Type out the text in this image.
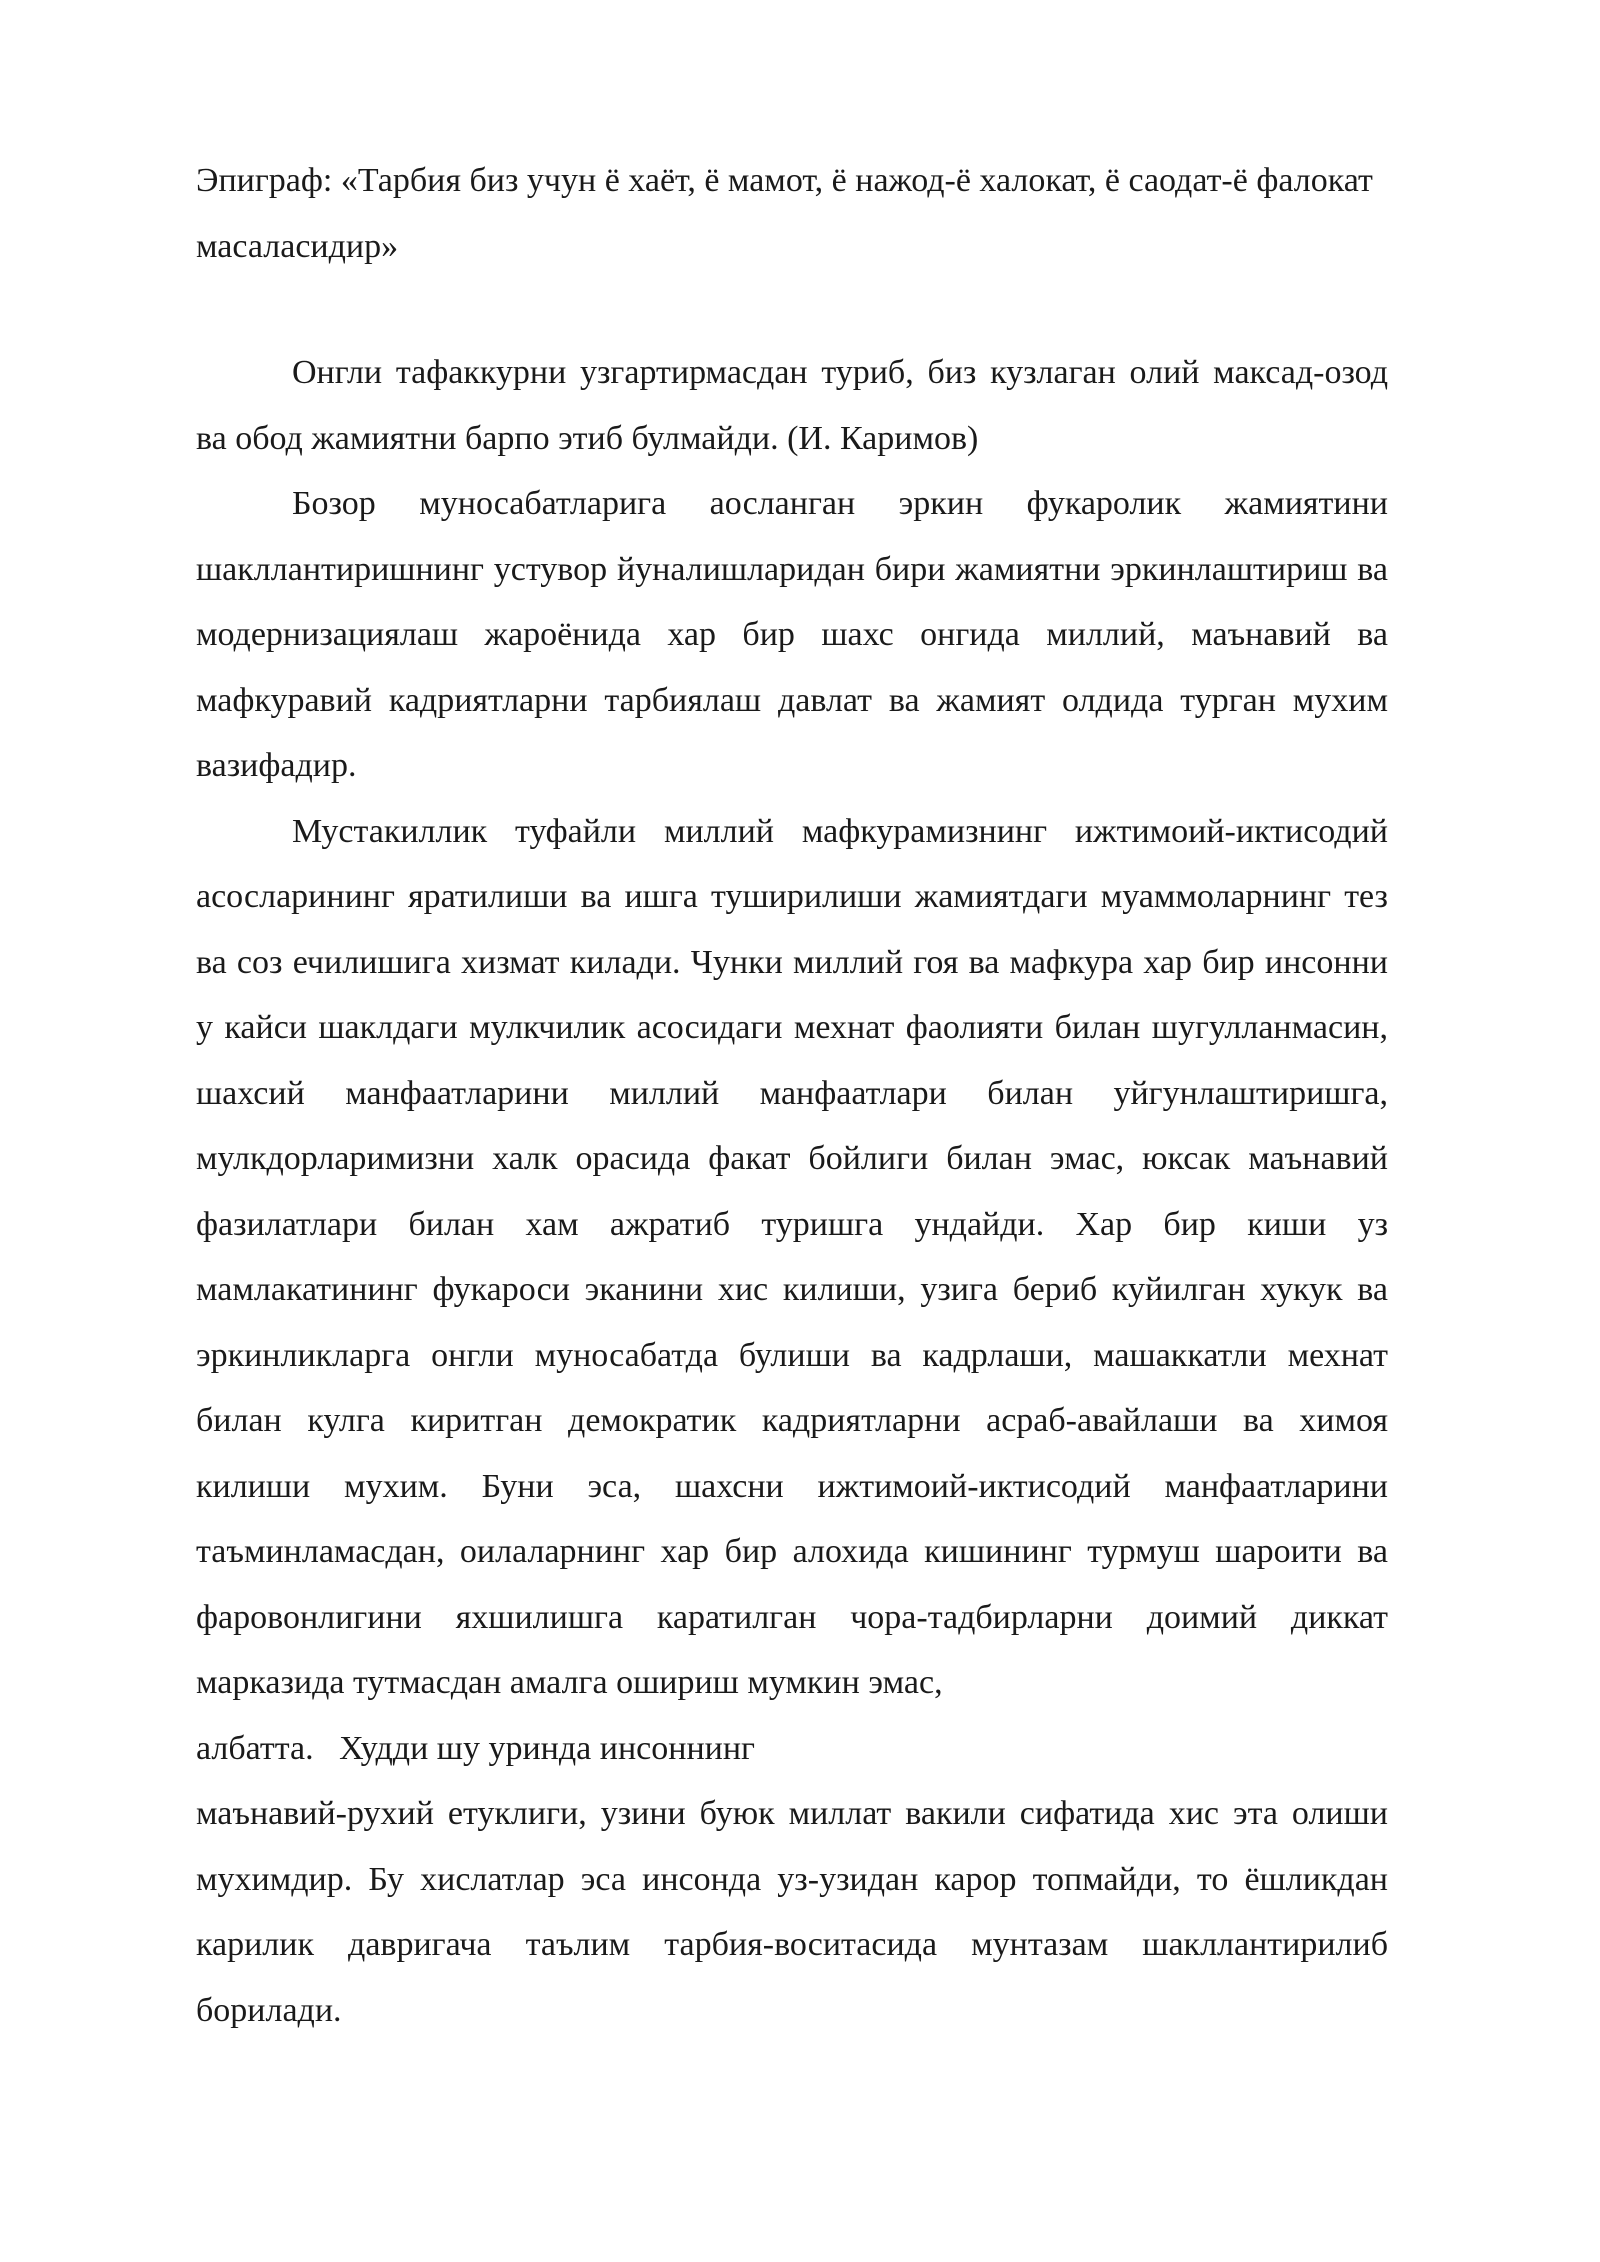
Эпиграф: «Тарбия биз учун ё хаёт, ё мамот, ё нажод-ё халокат, ё саодат-ё фалокат масаласидир»

Онгли тафаккурни узгартирмасдан туриб, биз кузлаган олий максад-озод ва обод жамиятни барпо этиб булмайди. (И. Каримов)

Бозор муносабатларига аосланган эркин фукаролик жамиятини шакллантиришнинг устувор йуналишларидан бири жамиятни эркинлаштириш ва модернизациялаш жароёнида хар бир шахс онгида миллий, маънавий ва мафкуравий кадриятларни тарбиялаш давлат ва жамият олдида турган мухим вазифадир.

Мустакиллик туфайли миллий мафкурамизнинг ижтимоий-иктисодий асосларининг яратилиши ва ишга туширилиши жамиятдаги муаммоларнинг тез ва соз ечилишига хизмат килади. Чунки миллий гоя ва мафкура хар бир инсонни у кайси шаклдаги мулкчилик асосидаги мехнат фаолияти билан шугулланмасин, шахсий манфаатларини миллий манфаатлари билан уйгунлаштиришга, мулкдорларимизни халк орасида факат бойлиги билан эмас, юксак маънавий фазилатлари билан хам ажратиб туришга ундайди. Хар бир киши уз мамлакатининг фукароси эканини хис килиши, узига бериб куйилган хукук ва эркинликларга онгли муносабатда булиши ва кадрлаши, машаккатли мехнат билан кулга киритган демократик кадриятларни асраб-авайлаши ва химоя килиши мухим. Буни эса, шахсни ижтимоий-иктисодий манфаатларини таъминламасдан, оилаларнинг хар бир алохида кишининг турмуш шароити ва фаровонлигини яхшилишга каратилган чора-тадбирларни доимий диккат марказида тутмасдан амалга ошириш мумкин эмас,

албатта.   Худди шу уринда инсоннинг

маънавий-рухий етуклиги, узини буюк миллат вакили сифатида хис эта олиши мухимдир. Бу хислатлар эса инсонда уз-узидан карор топмайди, то ёшликдан карилик давригача таълим тарбия-воситасида мунтазам шакллантирилиб борилади.
